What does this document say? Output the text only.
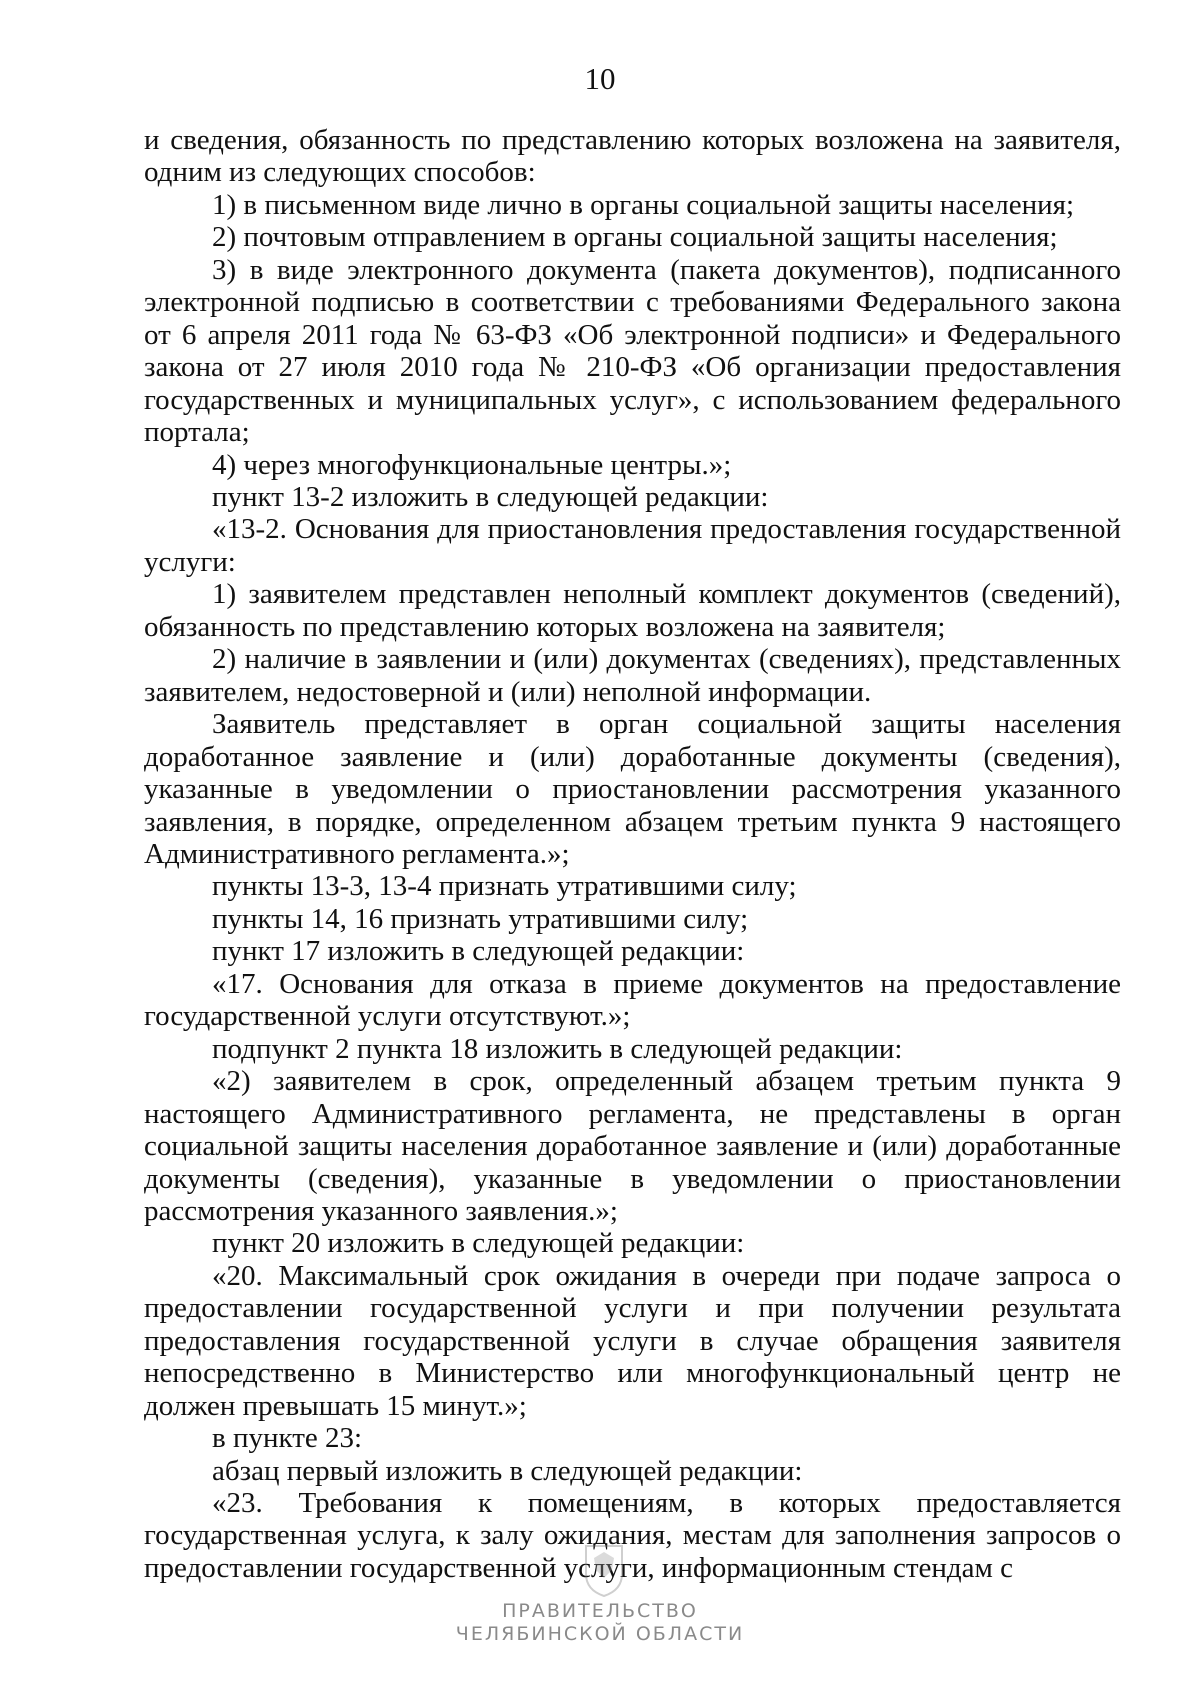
10

и сведения, обязанность по представлению которых возложена на заявителя, одним из следующих способов:

1) в письменном виде лично в органы социальной защиты населения;

2) почтовым отправлением в органы социальной защиты населения;

3) в виде электронного документа (пакета документов), подписанного электронной подписью в соответствии с требованиями Федерального закона от 6 апреля 2011 года № 63-ФЗ «Об электронной подписи» и Федерального закона от 27 июля 2010 года № 210-ФЗ «Об организации предоставления государственных и муниципальных услуг», с использованием федерального портала;

4) через многофункциональные центры.»;

пункт 13-2 изложить в следующей редакции:

«13-2. Основания для приостановления предоставления государственной услуги:

1) заявителем представлен неполный комплект документов (сведений), обязанность по представлению которых возложена на заявителя;

2) наличие в заявлении и (или) документах (сведениях), представленных заявителем, недостоверной и (или) неполной информации.

Заявитель представляет в орган социальной защиты населения доработанное заявление и (или) доработанные документы (сведения), указанные в уведомлении о приостановлении рассмотрения указанного заявления, в порядке, определенном абзацем третьим пункта 9 настоящего Административного регламента.»;

пункты 13-3, 13-4 признать утратившими силу;

пункты 14, 16 признать утратившими силу;

пункт 17 изложить в следующей редакции:

«17. Основания для отказа в приеме документов на предоставление государственной услуги отсутствуют.»;

подпункт 2 пункта 18 изложить в следующей редакции:

«2) заявителем в срок, определенный абзацем третьим пункта 9 настоящего Административного регламента, не представлены в орган социальной защиты населения доработанное заявление и (или) доработанные документы (сведения), указанные в уведомлении о приостановлении рассмотрения указанного заявления.»;

пункт 20 изложить в следующей редакции:

«20. Максимальный срок ожидания в очереди при подаче запроса о предоставлении государственной услуги и при получении результата предоставления государственной услуги в случае обращения заявителя непосредственно в Министерство или многофункциональный центр не должен превышать 15 минут.»;

в пункте 23:

абзац первый изложить в следующей редакции:

«23. Требования к помещениям, в которых предоставляется государственная услуга, к залу ожидания, местам для заполнения запросов о предоставлении государственной услуги, информационным стендам с

ПРАВИТЕЛЬСТВО
ЧЕЛЯБИНСКОЙ ОБЛАСТИ
